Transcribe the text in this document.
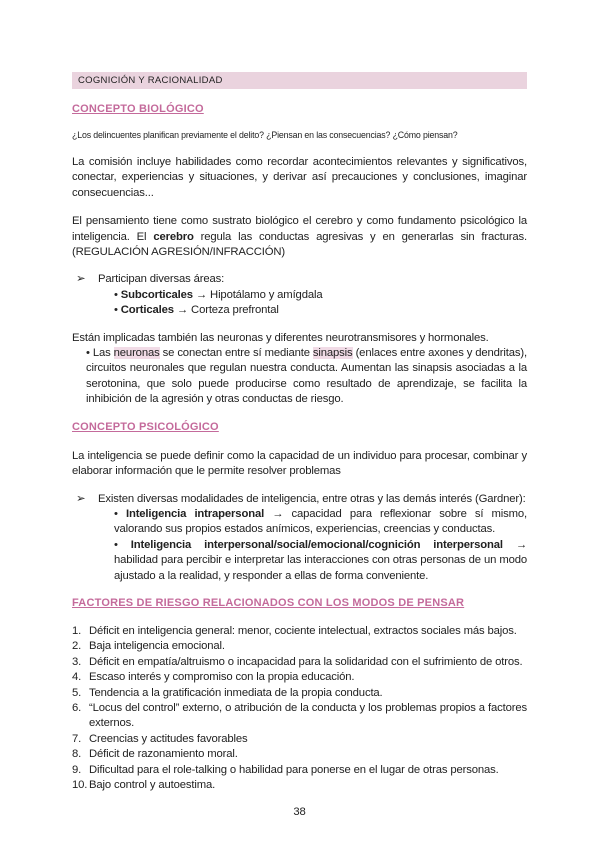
COGNICIÓN Y RACIONALIDAD
CONCEPTO BIOLÓGICO
¿Los delincuentes planifican previamente el delito? ¿Piensan en las consecuencias? ¿Cómo piensan?
La comisión incluye habilidades como recordar acontecimientos relevantes y significativos, conectar, experiencias y situaciones, y derivar así precauciones y conclusiones, imaginar consecuencias...
El pensamiento tiene como sustrato biológico el cerebro y como fundamento psicológico la inteligencia. El cerebro regula las conductas agresivas y en generarlas sin fracturas. (REGULACIÓN AGRESIÓN/INFRACCIÓN)
➢ Participan diversas áreas:
• Subcorticales → Hipotálamo y amígdala
• Corticales → Corteza prefrontal
Están implicadas también las neuronas y diferentes neurotransmisores y hormonales.
• Las neuronas se conectan entre sí mediante sinapsis (enlaces entre axones y dendritas), circuitos neuronales que regulan nuestra conducta. Aumentan las sinapsis asociadas a la serotonina, que solo puede producirse como resultado de aprendizaje, se facilita la inhibición de la agresión y otras conductas de riesgo.
CONCEPTO PSICOLÓGICO
La inteligencia se puede definir como la capacidad de un individuo para procesar, combinar y elaborar información que le permite resolver problemas
➢ Existen diversas modalidades de inteligencia, entre otras y las demás interés (Gardner):
• Inteligencia intrapersonal → capacidad para reflexionar sobre sí mismo, valorando sus propios estados anímicos, experiencias, creencias y conductas.
• Inteligencia interpersonal/social/emocional/cognición interpersonal → habilidad para percibir e interpretar las interacciones con otras personas de un modo ajustado a la realidad, y responder a ellas de forma conveniente.
FACTORES DE RIESGO RELACIONADOS CON LOS MODOS DE PENSAR
1. Déficit en inteligencia general: menor, cociente intelectual, extractos sociales más bajos.
2. Baja inteligencia emocional.
3. Déficit en empatía/altruismo o incapacidad para la solidaridad con el sufrimiento de otros.
4. Escaso interés y compromiso con la propia educación.
5. Tendencia a la gratificación inmediata de la propia conducta.
6. “Locus del control” externo, o atribución de la conducta y los problemas propios a factores externos.
7. Creencias y actitudes favorables
8. Déficit de razonamiento moral.
9. Dificultad para el role-talking o habilidad para ponerse en el lugar de otras personas.
10. Bajo control y autoestima.
38
